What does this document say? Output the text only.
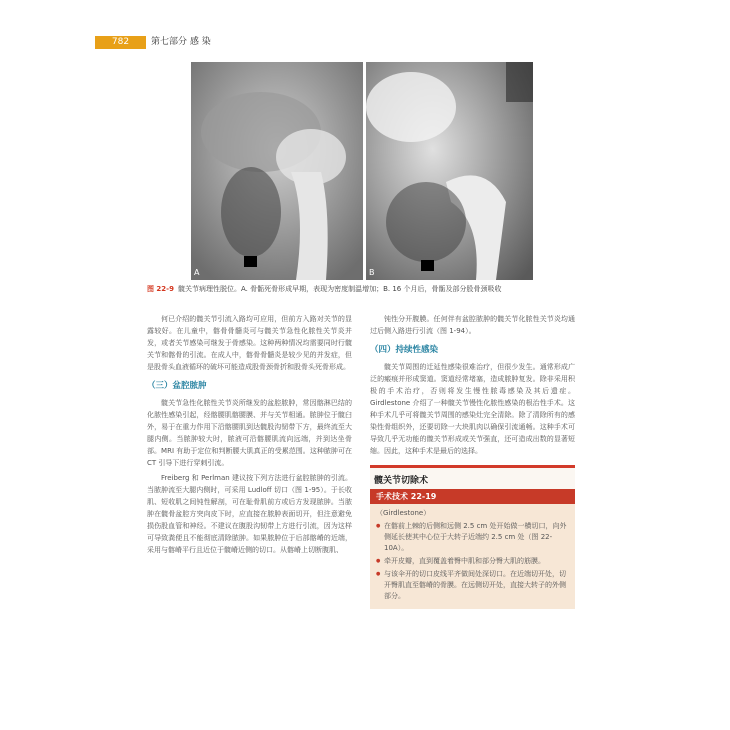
782	第七部分 感 染
A	B
图 22-9 髋关节病理性脱位。A. 骨骺死骨形成早期，表现为密度制温增加；B. 16 个月后，骨骺及部分股骨颈吸收

何已介绍的髋关节引流入路均可应用，但前方入路对关节的显露较好。在儿童中，髂骨骨髓炎可与髋关节急性化脓性关节炎并发，或者关节感染可继发于骨感染。这种两种情况均需要同时行髋关节和髂骨的引流。在成人中，髂骨骨髓炎是较少见的并发症，但是股骨头血液循环的破坏可能造成股骨颈骨折和股骨头死骨形成。

（三）盆腔脓肿

髋关节急性化脓性关节炎所继发的盆腔脓肿，常因髂淋巴结的化脓性感染引起，经髂腰肌髂腰膜、并与关节相通。脓肿位于髋臼外，易于在重力作用下沿髂腰肌到达髋股沟韧带下方，最终流至大腿内侧。当脓肿较大时，脓液可沿髂腰肌流向远端，并到达坐骨部。MRI 有助于定位和判断腰大肌真正的受累范围。这种脓肿可在 CT 引导下进行穿刺引流。

Freiberg 和 Perlman 建议按下列方法进行盆腔脓肿的引流。当脓肿流至大腿内侧时，可采用 Ludloff 切口（图 1-95）。于长收肌、短收肌之间钝性解剖，可在耻骨肌前方或后方发现脓肿。当脓肿在髋骨盆腔方突向皮下时，应直接在脓肿表面切开，但注意避免损伤股血管和神经。不建议在腹股沟韧带上方进行引流，因为这样可导致粪便且不能彻底清除脓肿。如果脓肿位于后部髂嵴的近端，采用与髂嵴平行且近位于髋嵴近侧的切口。从髂嵴上切断腹肌、

钝性分开腹膜。任何伴有盆腔脓肿的髋关节化脓性关节炎均通过后侧入路进行引流（图 1-94）。

（四）持续性感染

髋关节周围的迁延性感染很难治疗，但很少发生。通常形成广泛的瘢痕并形成窦道。窦道经常堵塞，造成脓肿复发。除非采用积极的手术治疗，否则将发生慢性脓毒感染及其后遗症。Girdlestone 介绍了一种髋关节慢性化脓性感染的根治性手术。这种手术几乎可将髋关节周围的感染灶完全清除。除了清除所有的感染性骨组织外，还要切除一大块肌肉以确保引流通畅。这种手术可导致几乎无功能的髋关节形成或关节强直，还可造成出数的显著短缩。因此，这种手术是最后的选择。

髋关节切除术
手术技术 22-19
（Girdlestone）
● 在髂前上棘的后侧和远侧 2.5 cm 处开始做一横切口，向外侧延长使其中心位于大转子近端约 2.5 cm 处（图 22-10A）。
● 牵开皮瓣，直到覆盖着臀中肌和部分臀大肌的筋膜。
● 与该伞开的切口皮线平齐做间处深切口。在近端切开处，切开臀肌直至髂嵴的骨膜。在远侧切开处，直接大转子的外侧部分。
